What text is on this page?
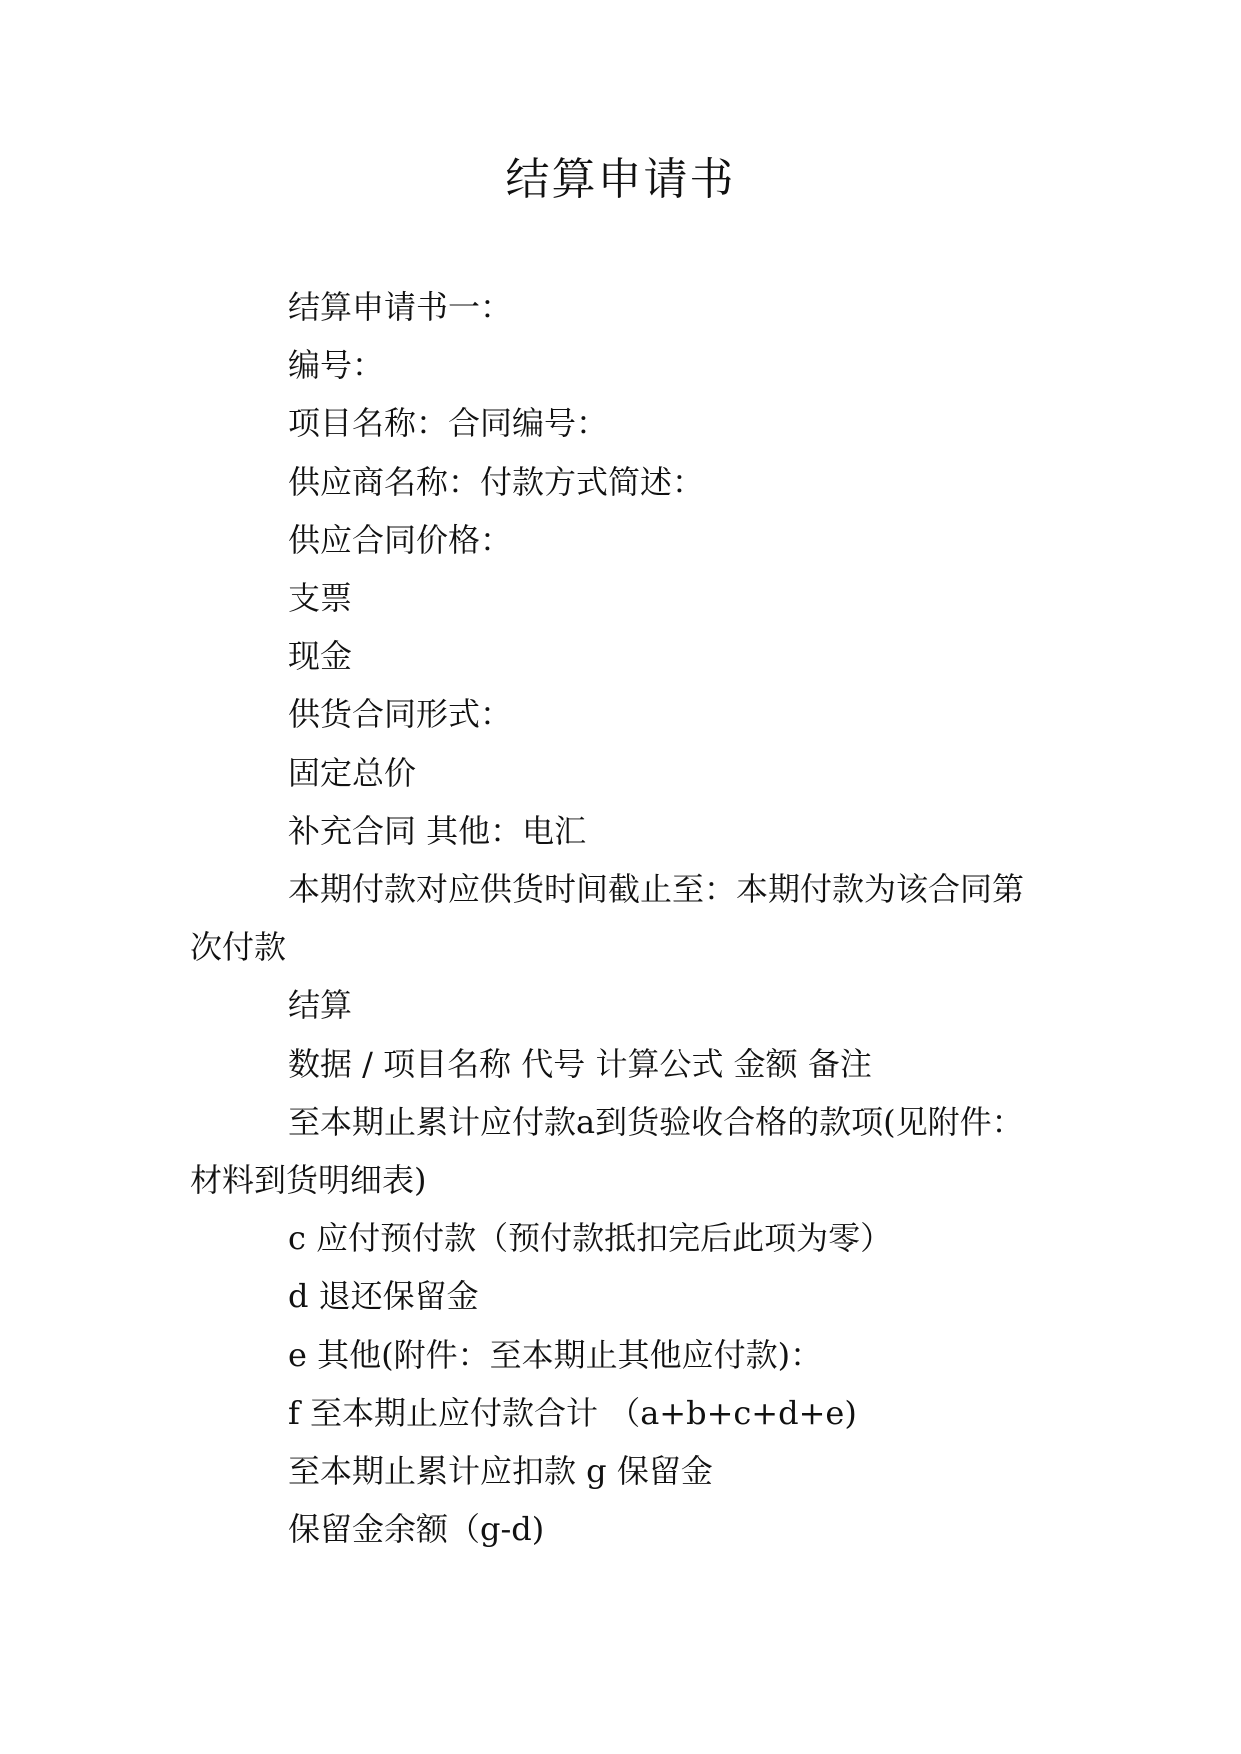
结算申请书

结算申请书一：

编号：

项目名称：合同编号：

供应商名称：付款方式简述：

供应合同价格：

支票

现金

供货合同形式：

固定总价

补充合同 其他：电汇

本期付款对应供货时间截止至：本期付款为该合同第次付款

结算

数据 / 项目名称 代号 计算公式 金额 备注

至本期止累计应付款a到货验收合格的款项(见附件：材料到货明细表)

c 应付预付款（预付款抵扣完后此项为零）

d 退还保留金

e 其他(附件：至本期止其他应付款)：

f 至本期止应付款合计 （a+b+c+d+e)

至本期止累计应扣款 g 保留金

保留金余额（g-d)
